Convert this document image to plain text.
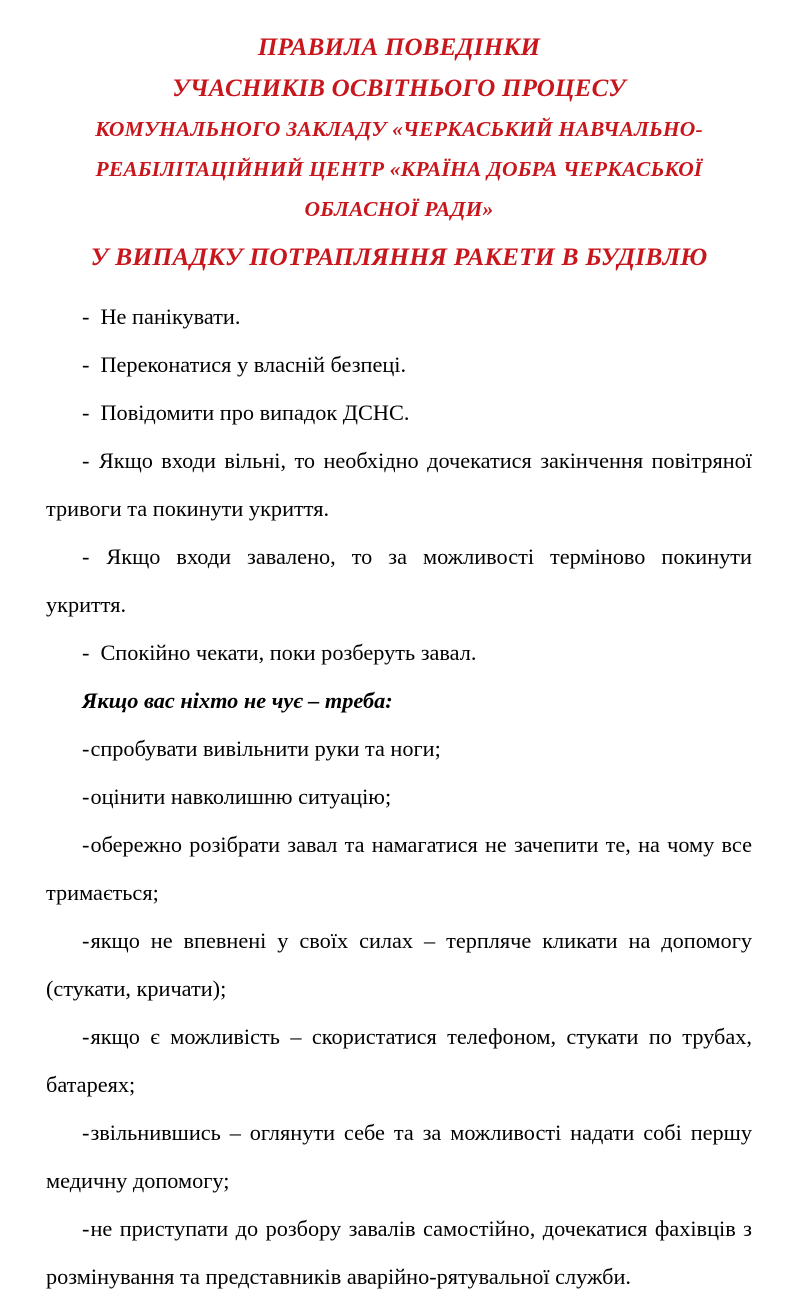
ПРАВИЛА ПОВЕДІНКИ
УЧАСНИКІВ ОСВІТНЬОГО ПРОЦЕСУ
КОМУНАЛЬНОГО ЗАКЛАДУ «ЧЕРКАСЬКИЙ НАВЧАЛЬНО-РЕАБІЛІТАЦІЙНИЙ ЦЕНТР «КРАЇНА ДОБРА ЧЕРКАСЬКОЇ ОБЛАСНОЇ РАДИ»
У ВИПАДКУ ПОТРАПЛЯННЯ РАКЕТИ В БУДІВЛЮ

- Не панікувати.

- Переконатися у власній безпеці.

- Повідомити про випадок ДСНС.

- Якщо входи вільні, то необхідно дочекатися закінчення повітряної тривоги та покинути укриття.

- Якщо входи завалено, то за можливості терміново покинути укриття.

- Спокійно чекати, поки розберуть завал.

Якщо вас ніхто не чує – треба:

-спробувати вивільнити руки та ноги;

-оцінити навколишню ситуацію;

-обережно розібрати завал та намагатися не зачепити те, на чому все тримається;

-якщо не впевнені у своїх силах – терпляче кликати на допомогу (стукати, кричати);

-якщо є можливість – скористатися телефоном, стукати по трубах, батареях;

-звільнившись – оглянути себе та за можливості надати собі першу медичну допомогу;

-не приступати до розбору завалів самостійно, дочекатися фахівців з розмінування та представників аварійно-рятувальної служби.
